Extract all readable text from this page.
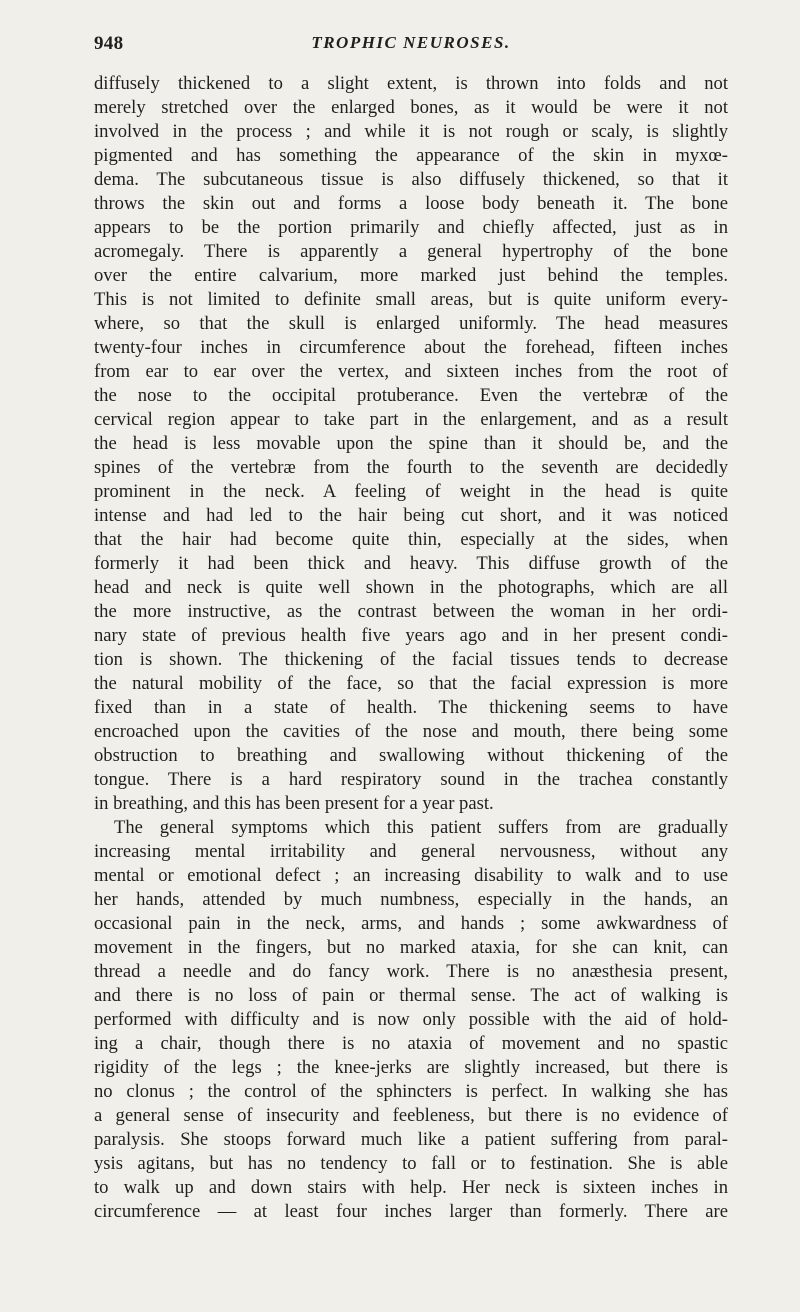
948	TROPHIC NEUROSES.
diffusely thickened to a slight extent, is thrown into folds and not
merely stretched over the enlarged bones, as it would be were it not
involved in the process ; and while it is not rough or scaly, is slightly
pigmented and has something the appearance of the skin in myxœ-
dema. The subcutaneous tissue is also diffusely thickened, so that it
throws the skin out and forms a loose body beneath it. The bone
appears to be the portion primarily and chiefly affected, just as in
acromegaly. There is apparently a general hypertrophy of the bone
over the entire calvarium, more marked just behind the temples.
This is not limited to definite small areas, but is quite uniform every-
where, so that the skull is enlarged uniformly. The head measures
twenty-four inches in circumference about the forehead, fifteen inches
from ear to ear over the vertex, and sixteen inches from the root of
the nose to the occipital protuberance. Even the vertebræ of the
cervical region appear to take part in the enlargement, and as a result
the head is less movable upon the spine than it should be, and the
spines of the vertebræ from the fourth to the seventh are decidedly
prominent in the neck. A feeling of weight in the head is quite
intense and had led to the hair being cut short, and it was noticed
that the hair had become quite thin, especially at the sides, when
formerly it had been thick and heavy. This diffuse growth of the
head and neck is quite well shown in the photographs, which are all
the more instructive, as the contrast between the woman in her ordi-
nary state of previous health five years ago and in her present condi-
tion is shown. The thickening of the facial tissues tends to decrease
the natural mobility of the face, so that the facial expression is more
fixed than in a state of health. The thickening seems to have
encroached upon the cavities of the nose and mouth, there being some
obstruction to breathing and swallowing without thickening of the
tongue. There is a hard respiratory sound in the trachea constantly
in breathing, and this has been present for a year past.
The general symptoms which this patient suffers from are gradually
increasing mental irritability and general nervousness, without any
mental or emotional defect ; an increasing disability to walk and to use
her hands, attended by much numbness, especially in the hands, an
occasional pain in the neck, arms, and hands ; some awkwardness of
movement in the fingers, but no marked ataxia, for she can knit, can
thread a needle and do fancy work. There is no anæsthesia present,
and there is no loss of pain or thermal sense. The act of walking is
performed with difficulty and is now only possible with the aid of hold-
ing a chair, though there is no ataxia of movement and no spastic
rigidity of the legs ; the knee-jerks are slightly increased, but there is
no clonus ; the control of the sphincters is perfect. In walking she has
a general sense of insecurity and feebleness, but there is no evidence of
paralysis. She stoops forward much like a patient suffering from paral-
ysis agitans, but has no tendency to fall or to festination. She is able
to walk up and down stairs with help. Her neck is sixteen inches in
circumference — at least four inches larger than formerly. There are
